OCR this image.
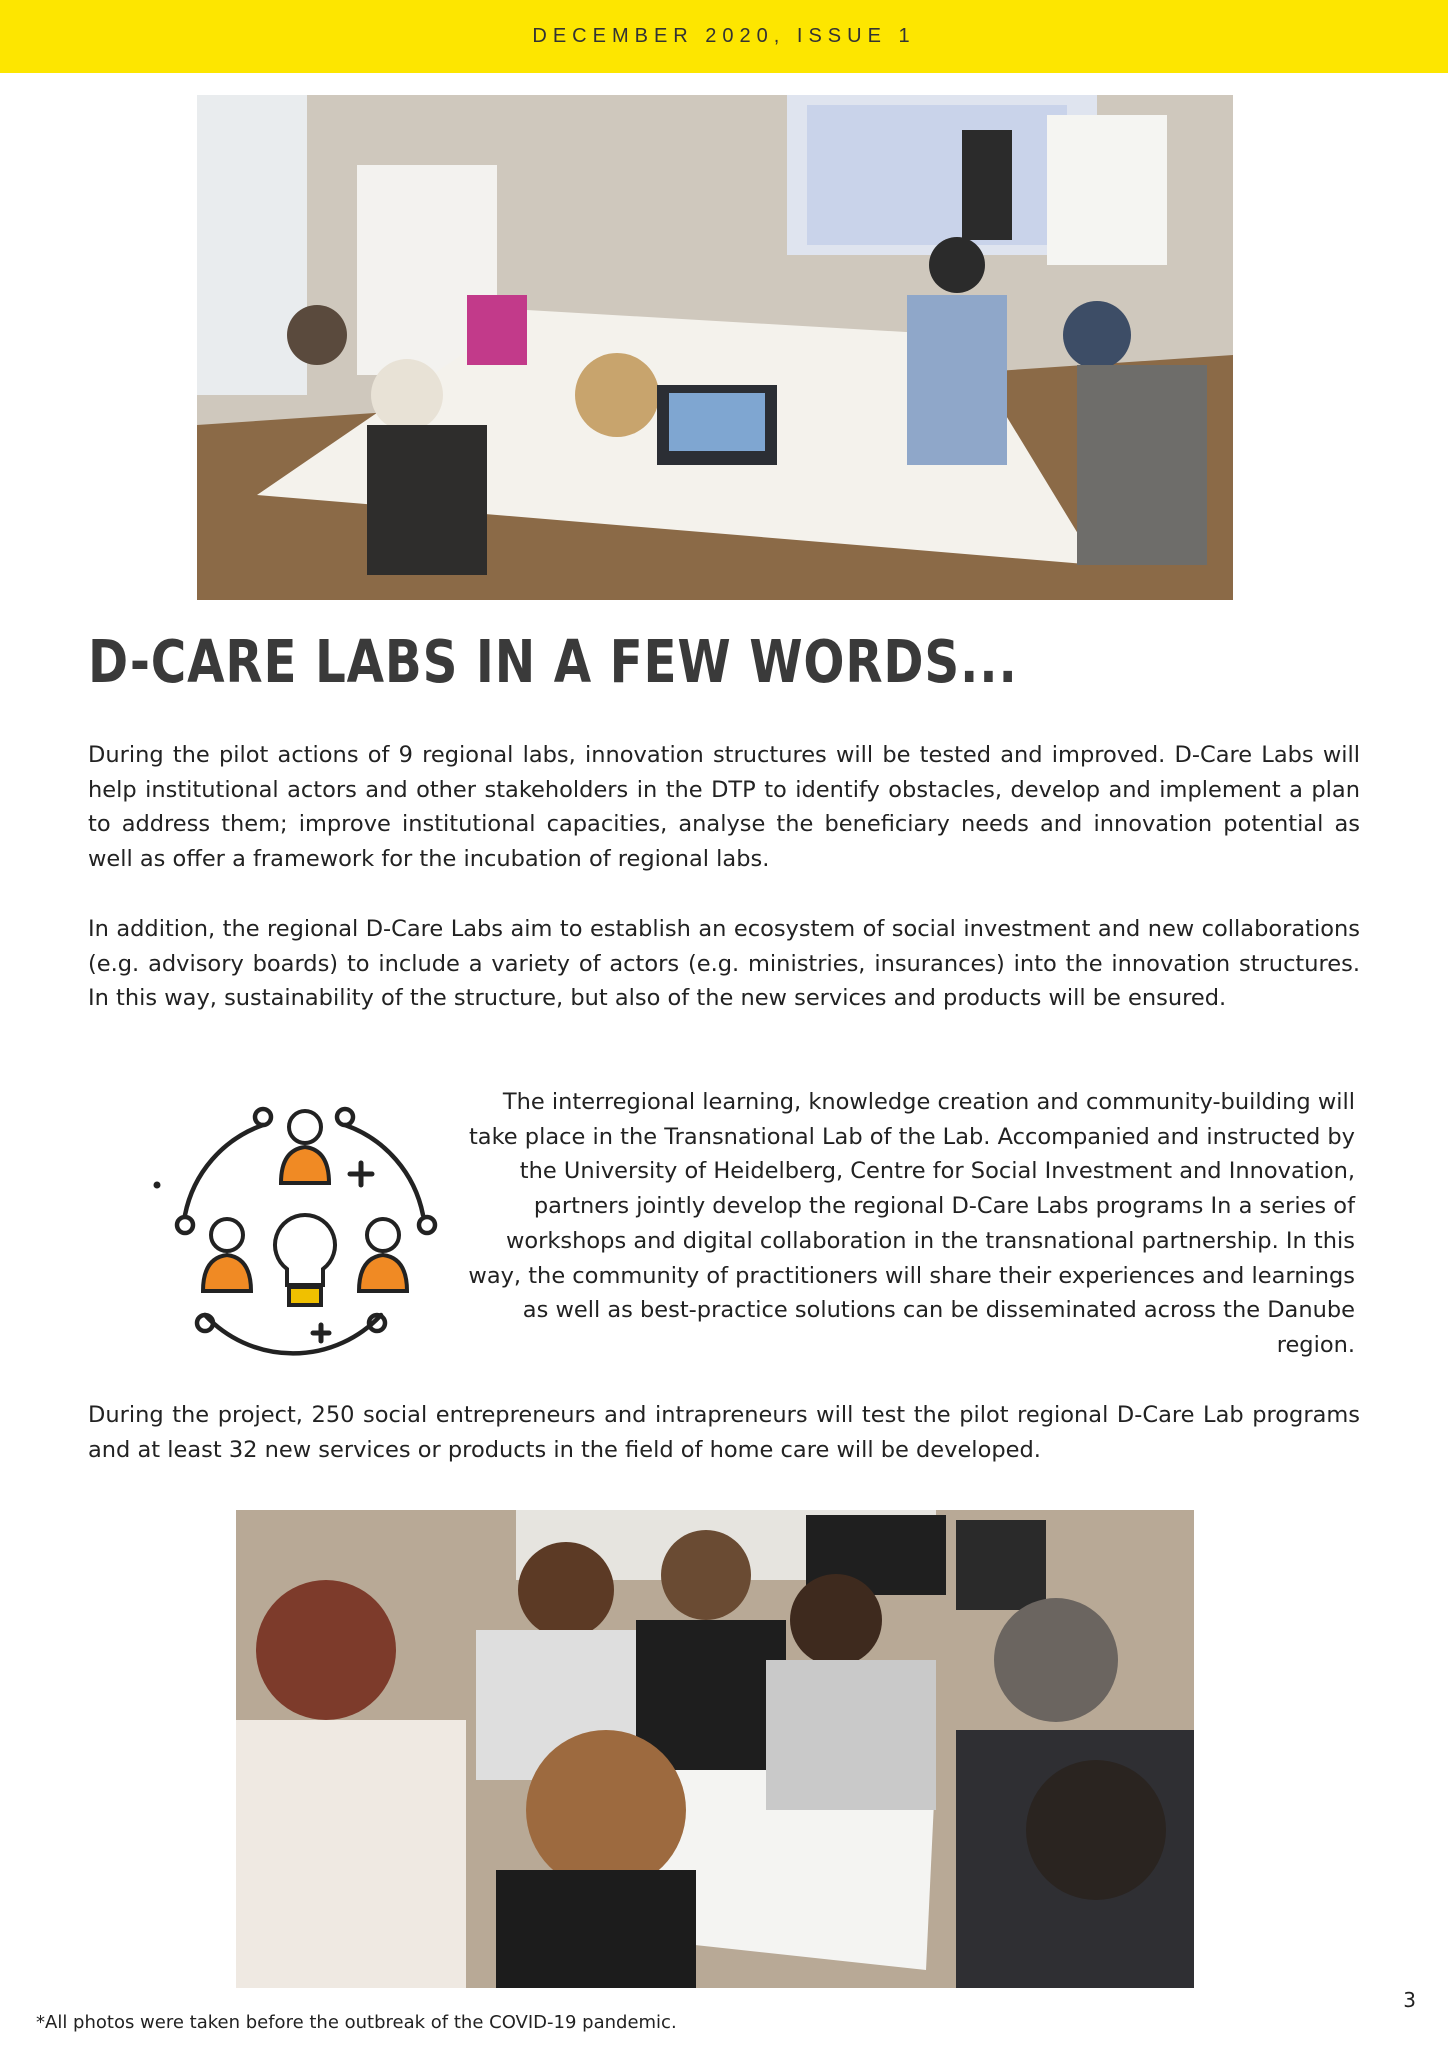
DECEMBER 2020, ISSUE 1
D-CARE LABS IN A FEW WORDS...

During the pilot actions of 9 regional labs, innovation structures will be tested and improved. D-Care Labs will help institutional actors and other stakeholders in the DTP to identify obstacles, develop and implement a plan to address them; improve institutional capacities, analyse the beneficiary needs and innovation potential as well as offer a framework for the incubation of regional labs.

In addition, the regional D-Care Labs aim to establish an ecosystem of social investment and new collaborations (e.g. advisory boards) to include a variety of actors (e.g. ministries, insurances) into the innovation structures. In this way, sustainability of the structure, but also of the new services and products will be ensured.

The interregional learning, knowledge creation and community-building will take place in the Transnational Lab of the Lab. Accompanied and instructed by the University of Heidelberg, Centre for Social Investment and Innovation, partners jointly develop the regional D-Care Labs programs In a series of workshops and digital collaboration in the transnational partnership. In this way, the community of practitioners will share their experiences and learnings as well as best-practice solutions can be disseminated across the Danube region.

During the project, 250 social entrepreneurs and intrapreneurs will test the pilot regional D-Care Lab programs and at least 32 new services or products in the field of home care will be developed.

3
*All photos were taken before the outbreak of the COVID-19 pandemic.
